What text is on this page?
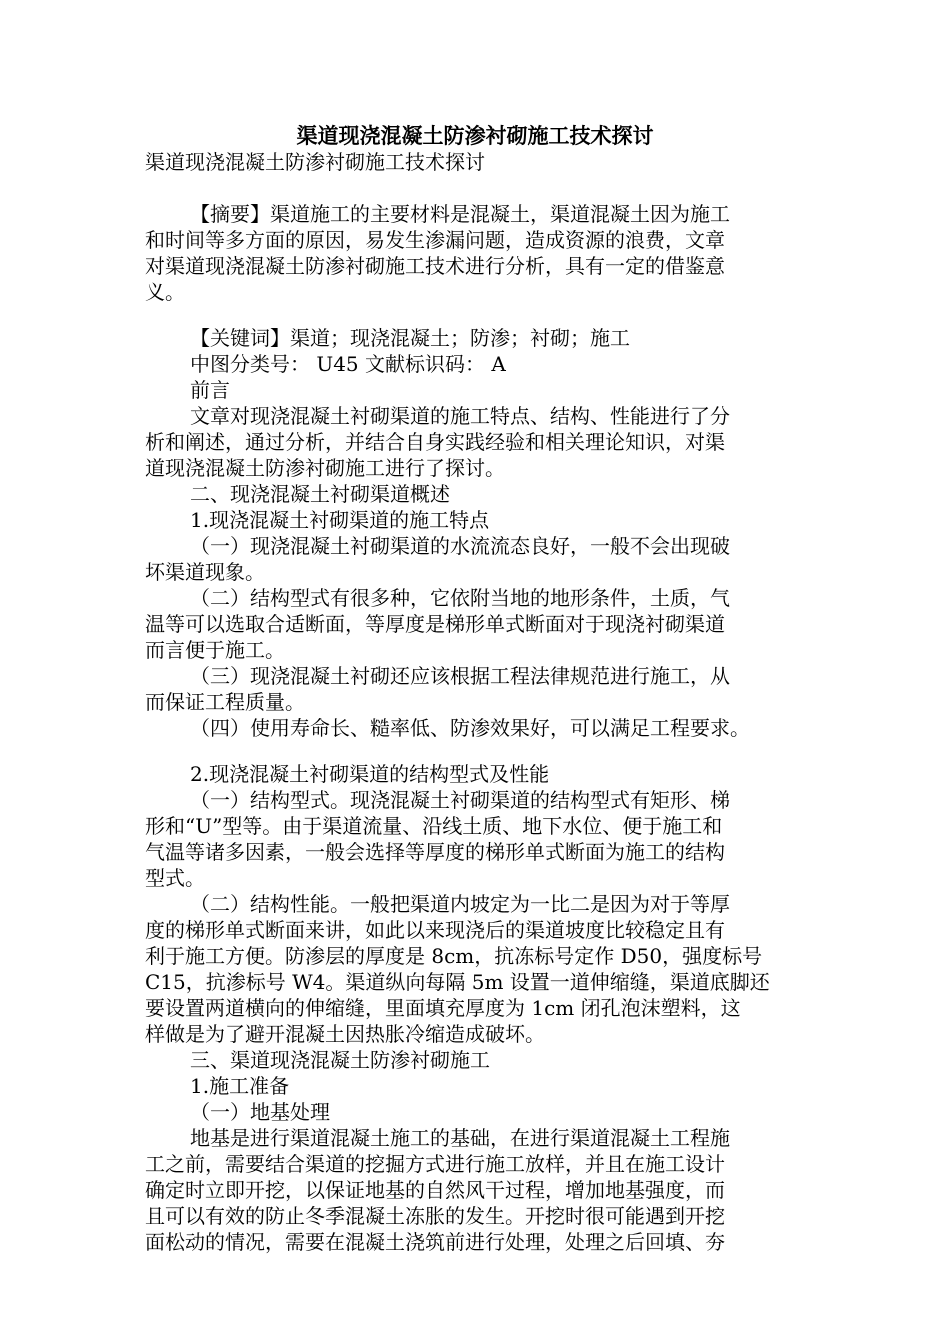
渠道现浇混凝土防渗衬砌施工技术探讨
渠道现浇混凝土防渗衬砌施工技术探讨
【摘要】渠道施工的主要材料是混凝土，渠道混凝土因为施工
和时间等多方面的原因，易发生渗漏问题，造成资源的浪费，文章
对渠道现浇混凝土防渗衬砌施工技术进行分析，具有一定的借鉴意
义。
【关键词】渠道；现浇混凝土；防渗；衬砌；施工
中图分类号： U45 文献标识码： A
前言
文章对现浇混凝土衬砌渠道的施工特点、结构、性能进行了分
析和阐述，通过分析，并结合自身实践经验和相关理论知识，对渠
道现浇混凝土防渗衬砌施工进行了探讨。
二、现浇混凝土衬砌渠道概述
1.现浇混凝土衬砌渠道的施工特点
（一）现浇混凝土衬砌渠道的水流流态良好，一般不会出现破
坏渠道现象。
（二）结构型式有很多种，它依附当地的地形条件，土质，气
温等可以选取合适断面，等厚度是梯形单式断面对于现浇衬砌渠道
而言便于施工。
（三）现浇混凝土衬砌还应该根据工程法律规范进行施工，从
而保证工程质量。
（四）使用寿命长、糙率低、防渗效果好，可以满足工程要求。
2.现浇混凝土衬砌渠道的结构型式及性能
（一）结构型式。现浇混凝土衬砌渠道的结构型式有矩形、梯
形和“U”型等。由于渠道流量、沿线土质、地下水位、便于施工和
气温等诸多因素，一般会选择等厚度的梯形单式断面为施工的结构
型式。
（二）结构性能。一般把渠道内坡定为一比二是因为对于等厚
度的梯形单式断面来讲，如此以来现浇后的渠道坡度比较稳定且有
利于施工方便。防渗层的厚度是 8cm，抗冻标号定作 D50，强度标号
C15，抗渗标号 W4。渠道纵向每隔 5m 设置一道伸缩缝，渠道底脚还
要设置两道横向的伸缩缝，里面填充厚度为 1cm 闭孔泡沫塑料，这
样做是为了避开混凝土因热胀冷缩造成破坏。
三、渠道现浇混凝土防渗衬砌施工
1.施工准备
（一）地基处理
地基是进行渠道混凝土施工的基础，在进行渠道混凝土工程施
工之前，需要结合渠道的挖掘方式进行施工放样，并且在施工设计
确定时立即开挖，以保证地基的自然风干过程，增加地基强度，而
且可以有效的防止冬季混凝土冻胀的发生。开挖时很可能遇到开挖
面松动的情况，需要在混凝土浇筑前进行处理，处理之后回填、夯
